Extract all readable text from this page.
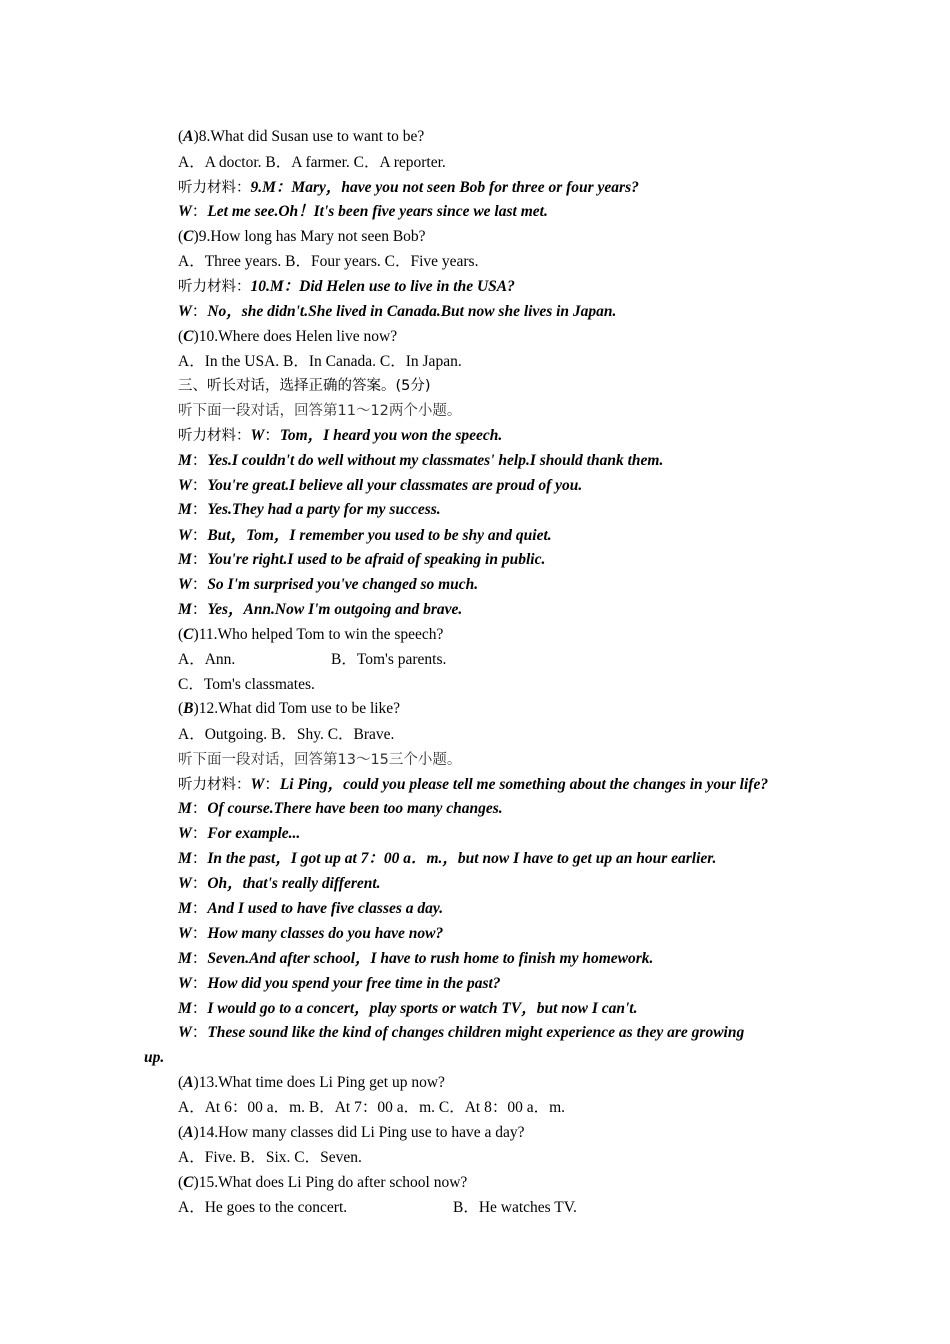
(A)8.What did Susan use to want to be?
A．A doctor. B．A farmer. C．A reporter.
听力材料：9.M：Mary，have you not seen Bob for three or four years?
W：Let me see.Oh！It's been five years since we last met.
(C)9.How long has Mary not seen Bob?
A．Three years. B．Four years. C．Five years.
听力材料：10.M：Did Helen use to live in the USA?
W：No，she didn't.She lived in Canada.But now she lives in Japan.
(C)10.Where does Helen live now?
A．In the USA. B．In Canada. C．In Japan.
三、听长对话，选择正确的答案。(5分)
听下面一段对话，回答第11～12两个小题。
听力材料：W：Tom，I heard you won the speech.
M：Yes.I couldn't do well without my classmates' help.I should thank them.
W：You're great.I believe all your classmates are proud of you.
M：Yes.They had a party for my success.
W：But，Tom，I remember you used to be shy and quiet.
M：You're right.I used to be afraid of speaking in public.
W：So I'm surprised you've changed so much.
M：Yes，Ann.Now I'm outgoing and brave.
(C)11.Who helped Tom to win the speech?
A．Ann.	B．Tom's parents.
C．Tom's classmates.
(B)12.What did Tom use to be like?
A．Outgoing. B．Shy. C．Brave.
听下面一段对话，回答第13～15三个小题。
听力材料：W：Li Ping，could you please tell me something about the changes in your life?
M：Of course.There have been too many changes.
W：For example...
M：In the past，I got up at 7：00 a．m.，but now I have to get up an hour earlier.
W：Oh，that's really different.
M：And I used to have five classes a day.
W：How many classes do you have now?
M：Seven.And after school，I have to rush home to finish my homework.
W：How did you spend your free time in the past?
M：I would go to a concert，play sports or watch TV，but now I can't.
W：These sound like the kind of changes children might experience as they are growing
up.
(A)13.What time does Li Ping get up now?
A．At 6：00 a．m. B．At 7：00 a．m. C．At 8：00 a．m.
(A)14.How many classes did Li Ping use to have a day?
A．Five. B．Six. C．Seven.
(C)15.What does Li Ping do after school now?
A．He goes to the concert.	B．He watches TV.
